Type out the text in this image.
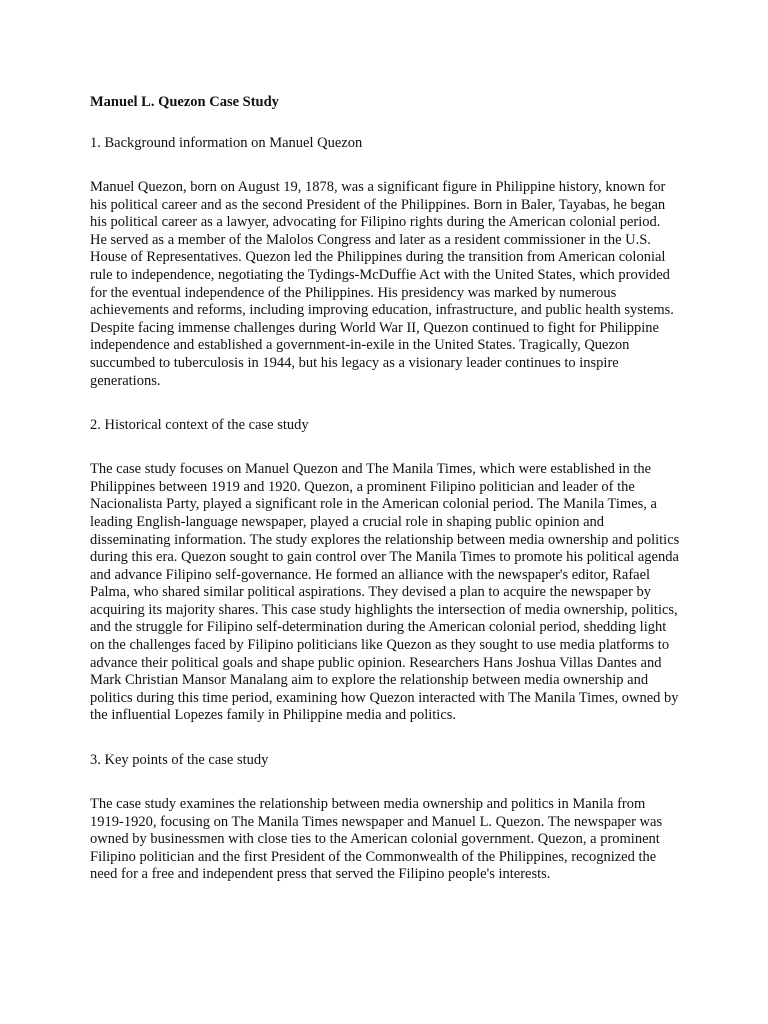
Manuel L. Quezon Case Study
1. Background information on Manuel Quezon
Manuel Quezon, born on August 19, 1878, was a significant figure in Philippine history, known for his political career and as the second President of the Philippines. Born in Baler, Tayabas, he began his political career as a lawyer, advocating for Filipino rights during the American colonial period. He served as a member of the Malolos Congress and later as a resident commissioner in the U.S. House of Representatives. Quezon led the Philippines during the transition from American colonial rule to independence, negotiating the Tydings-McDuffie Act with the United States, which provided for the eventual independence of the Philippines. His presidency was marked by numerous achievements and reforms, including improving education, infrastructure, and public health systems. Despite facing immense challenges during World War II, Quezon continued to fight for Philippine independence and established a government-in-exile in the United States. Tragically, Quezon succumbed to tuberculosis in 1944, but his legacy as a visionary leader continues to inspire generations.
2. Historical context of the case study
The case study focuses on Manuel Quezon and The Manila Times, which were established in the Philippines between 1919 and 1920. Quezon, a prominent Filipino politician and leader of the Nacionalista Party, played a significant role in the American colonial period. The Manila Times, a leading English-language newspaper, played a crucial role in shaping public opinion and disseminating information. The study explores the relationship between media ownership and politics during this era. Quezon sought to gain control over The Manila Times to promote his political agenda and advance Filipino self-governance. He formed an alliance with the newspaper's editor, Rafael Palma, who shared similar political aspirations. They devised a plan to acquire the newspaper by acquiring its majority shares. This case study highlights the intersection of media ownership, politics, and the struggle for Filipino self-determination during the American colonial period, shedding light on the challenges faced by Filipino politicians like Quezon as they sought to use media platforms to advance their political goals and shape public opinion. Researchers Hans Joshua Villas Dantes and Mark Christian Mansor Manalang aim to explore the relationship between media ownership and politics during this time period, examining how Quezon interacted with The Manila Times, owned by the influential Lopezes family in Philippine media and politics.
3. Key points of the case study
The case study examines the relationship between media ownership and politics in Manila from 1919-1920, focusing on The Manila Times newspaper and Manuel L. Quezon. The newspaper was owned by businessmen with close ties to the American colonial government. Quezon, a prominent Filipino politician and the first President of the Commonwealth of the Philippines, recognized the need for a free and independent press that served the Filipino people's interests.
